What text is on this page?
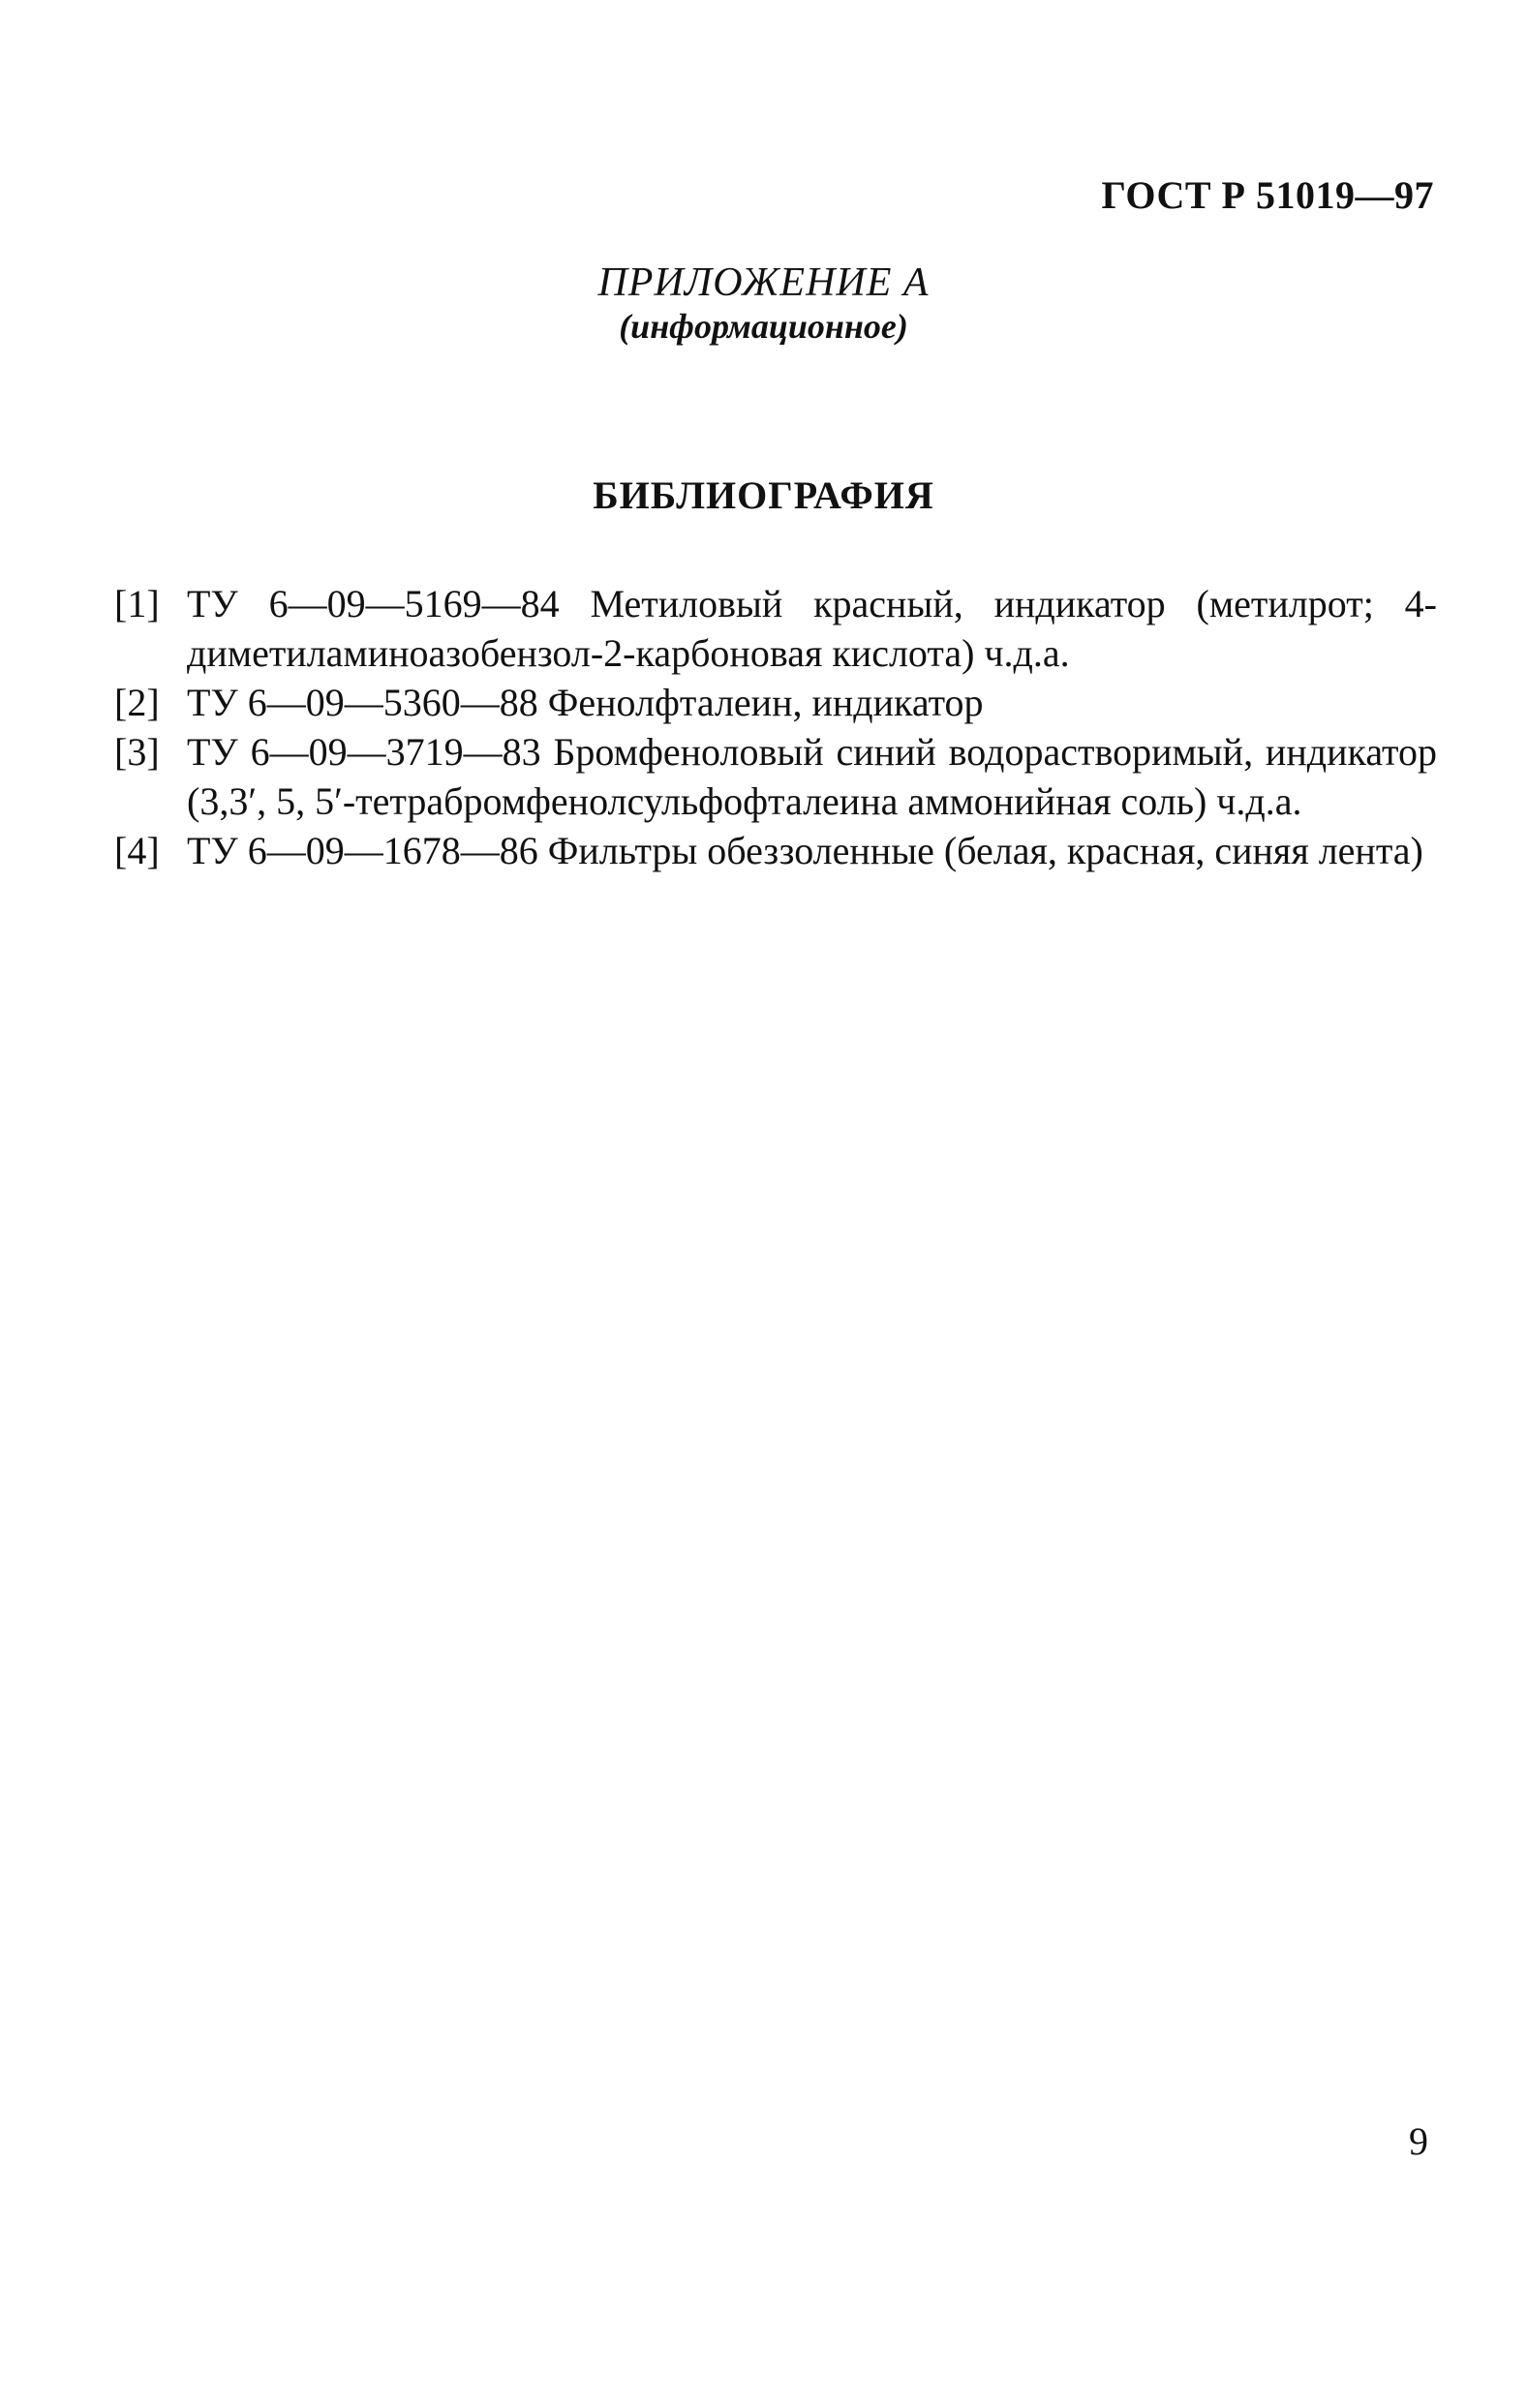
ГОСТ Р 51019—97
ПРИЛОЖЕНИЕ А
(информационное)
БИБЛИОГРАФИЯ
[1] ТУ 6—09—5169—84 Метиловый красный, индикатор (метилрот; 4-диметиламиноазобензол-2-карбоновая кислота) ч.д.а.
[2] ТУ 6—09—5360—88 Фенолфталеин, индикатор
[3] ТУ 6—09—3719—83 Бромфеноловый синий водорастворимый, индикатор (3,3′, 5, 5′-тетрабромфенолсульфофталеина аммонийная соль) ч.д.а.
[4] ТУ 6—09—1678—86 Фильтры обеззоленные (белая, красная, синяя лента)
9
